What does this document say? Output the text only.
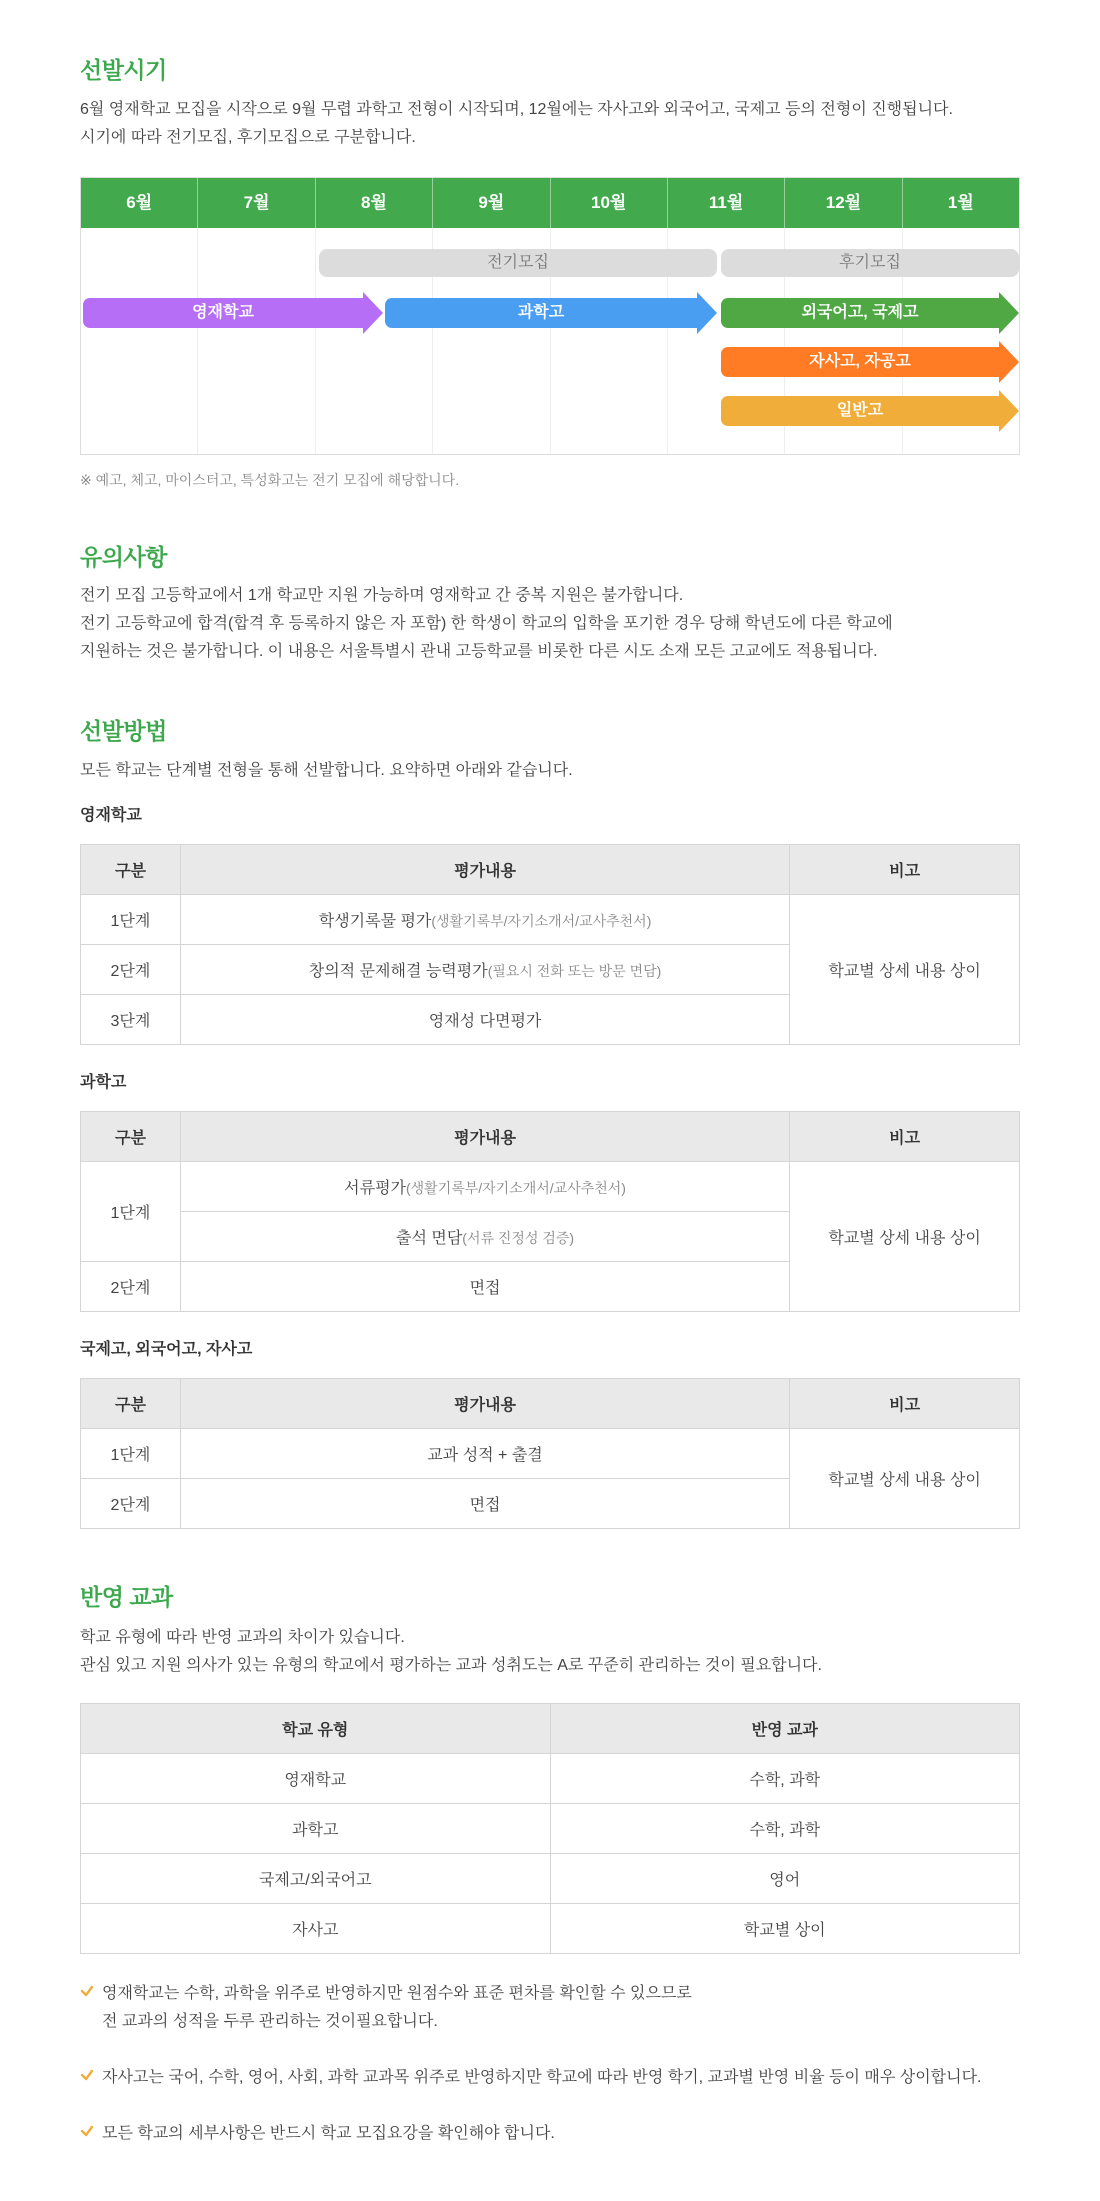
선발시기
6월 영재학교 모집을 시작으로 9월 무렵 과학고 전형이 시작되며, 12월에는 자사고와 외국어고, 국제고 등의 전형이 진행됩니다.
시기에 따라 전기모집, 후기모집으로 구분합니다.
6월	7월	8월	9월	10월	11월	12월	1월
전기모집	후기모집
영재학교	과학고	외국어고, 국제고
자사고, 자공고
일반고
※ 예고, 체고, 마이스터고, 특성화고는 전기 모집에 해당합니다.
유의사항
전기 모집 고등학교에서 1개 학교만 지원 가능하며 영재학교 간 중복 지원은 불가합니다.
전기 고등학교에 합격(합격 후 등록하지 않은 자 포함) 한 학생이 학교의 입학을 포기한 경우 당해 학년도에 다른 학교에
지원하는 것은 불가합니다. 이 내용은 서울특별시 관내 고등학교를 비롯한 다른 시도 소재 모든 고교에도 적용됩니다.
선발방법
모든 학교는 단계별 전형을 통해 선발합니다. 요약하면 아래와 같습니다.
영재학교
구분	평가내용	비고
1단계	학생기록물 평가(생활기록부/자기소개서/교사추천서)	학교별 상세 내용 상이
2단계	창의적 문제해결 능력평가(필요시 전화 또는 방문 면담)	
3단계	영재성 다면평가	
과학고
구분	평가내용	비고
1단계	서류평가(생활기록부/자기소개서/교사추천서)	학교별 상세 내용 상이
	출석 면담(서류 진정성 검증)	
2단계	면접	
국제고, 외국어고, 자사고
구분	평가내용	비고
1단계	교과 성적 + 출결	학교별 상세 내용 상이
2단계	면접	
반영 교과
학교 유형에 따라 반영 교과의 차이가 있습니다.
관심 있고 지원 의사가 있는 유형의 학교에서 평가하는 교과 성취도는 A로 꾸준히 관리하는 것이 필요합니다.
학교 유형	반영 교과
영재학교	수학, 과학
과학고	수학, 과학
국제고/외국어고	영어
자사고	학교별 상이
영재학교는 수학, 과학을 위주로 반영하지만 원점수와 표준 편차를 확인할 수 있으므로
전 교과의 성적을 두루 관리하는 것이필요합니다.
자사고는 국어, 수학, 영어, 사회, 과학 교과목 위주로 반영하지만 학교에 따라 반영 학기, 교과별 반영 비율 등이 매우 상이합니다.
모든 학교의 세부사항은 반드시 학교 모집요강을 확인해야 합니다.
